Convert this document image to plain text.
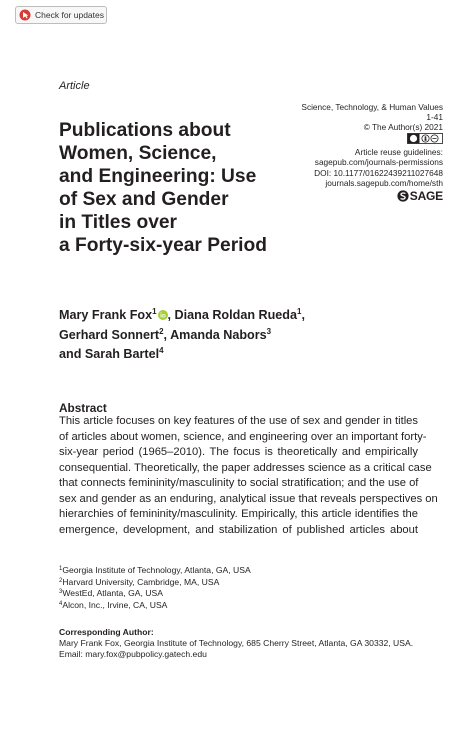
Check for updates
Article
Science, Technology, & Human Values
1-41
© The Author(s) 2021
Article reuse guidelines:
sagepub.com/journals-permissions
DOI: 10.1177/01622439211027648
journals.sagepub.com/home/sth
SAGE
Publications about
Women, Science,
and Engineering: Use
of Sex and Gender
in Titles over
a Forty-six-year Period
Mary Frank Fox$^1$ , Diana Roldan Rueda$^1$,
Gerhard Sonnert$^2$, Amanda Nabors$^3$
and Sarah Bartel$^4$
Abstract
This article focuses on key features of the use of sex and gender in titles
of articles about women, science, and engineering over an important forty-
six-year period (1965–2010). The focus is theoretically and empirically
consequential. Theoretically, the paper addresses science as a critical case
that connects femininity/masculinity to social stratification; and the use of
sex and gender as an enduring, analytical issue that reveals perspectives on
hierarchies of femininity/masculinity. Empirically, this article identifies the
emergence, development, and stabilization of published articles about
$^1$Georgia Institute of Technology, Atlanta, GA, USA
$^2$Harvard University, Cambridge, MA, USA
$^3$WestEd, Atlanta, GA, USA
$^4$Alcon, Inc., Irvine, CA, USA
Corresponding Author:
Mary Frank Fox, Georgia Institute of Technology, 685 Cherry Street, Atlanta, GA 30332, USA.
Email: mary.fox@pubpolicy.gatech.edu
